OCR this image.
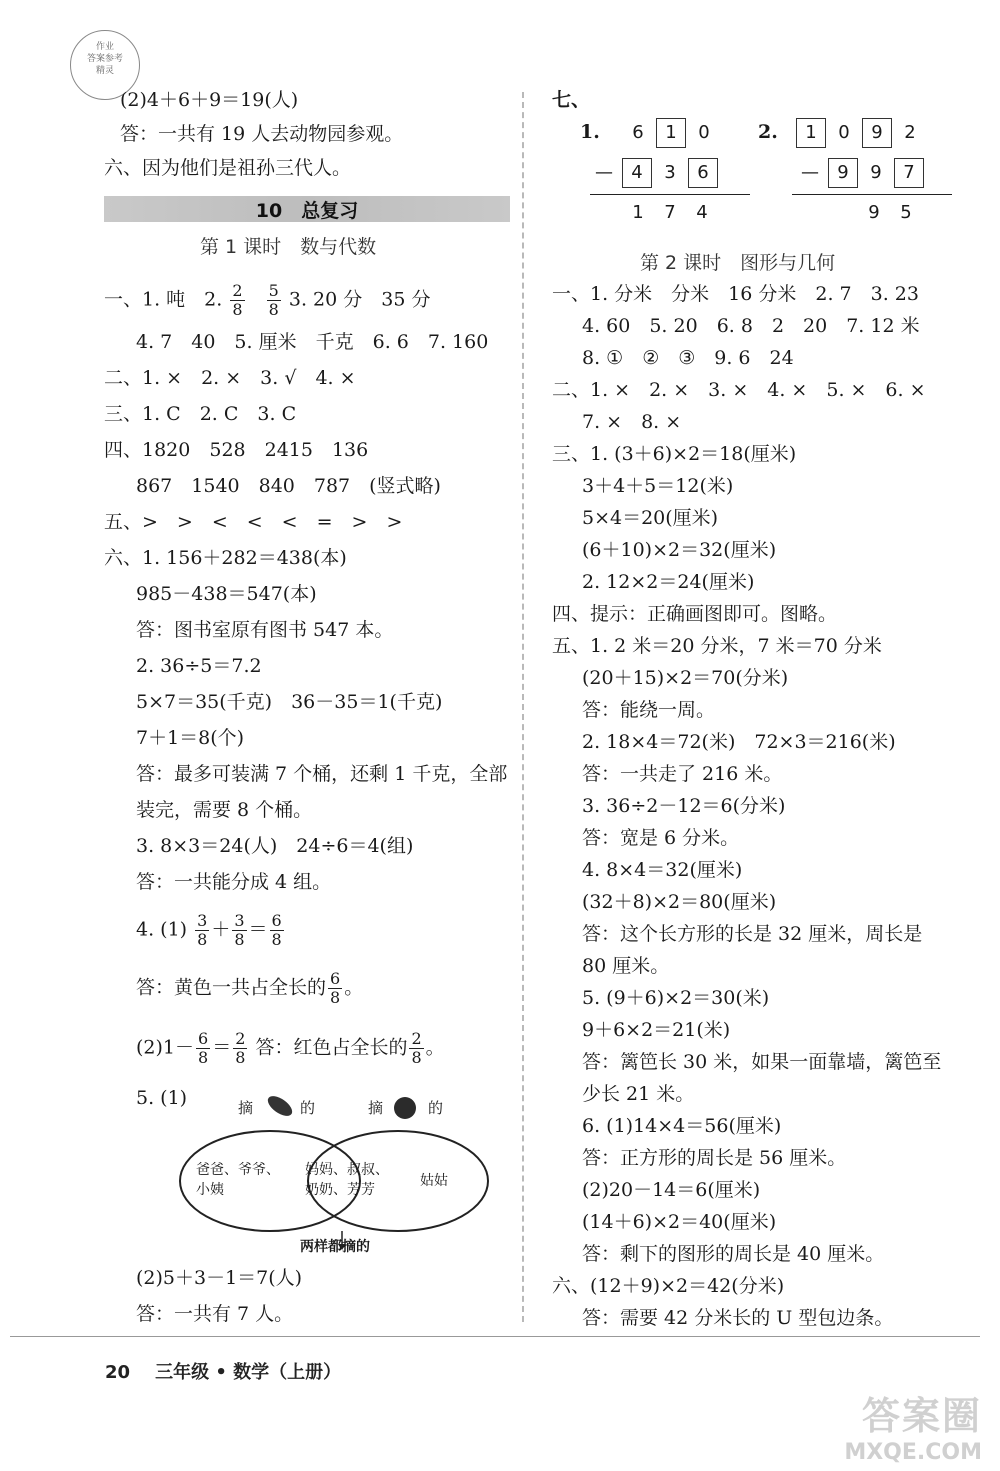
作业
答案参考
精灵
(2)4＋6＋9＝19(人)
答：一共有 19 人去动物园参观。
六、因为他们是祖孙三代人。
10　总复习
第 1 课时　数与代数
一、1. 吨　2. $\frac{2}{8}$
$\frac{5}{8} 3$. 20 分　35 分
4. 7　40　5. 厘米　千克　6. 6　7. 160
二、1. ×　2. ×　3. √　4. ×
三、1. C　2. C　3. C
四、1820　528　2415　136
867　1540　840　787　(竖式略)
五、>　>　<　<　<　=　>　>
六、1. 156＋282＝438(本)
985－438＝547(本)
答：图书室原有图书 547 本。
2. 36÷5＝7.2
5×7＝35(千克)　36－35＝1(千克)
7＋1＝8(个)
答：最多可装满 7 个桶，还剩 1 千克，全部
装完，需要 8 个桶。
3. 8×3＝24(人)　24÷6＝4(组)
答：一共能分成 4 组。
4. $(1) \frac{3}{8} + \frac{3}{8} = \frac{6}{8}$
答：黄色一共占全长的 $\frac{6}{8}$ 。
$(2)1- \frac{6}{8} = \frac{2}{8}$ 答：红色占全长的 $\frac{2}{8}$ 。
5. (1)	摘	的	摘	的
爸爸、爷爷、小姨
妈妈、叔叔、奶奶、芳芳
姑姑
两样都摘的
(2)5＋3－1＝7(人)
答：一共有 7 人。
七、
1.	6 1 0
— 4 3 6
1 7 4
2.	1 0 9 2
— 9 9 7
9 5
第 2 课时　图形与几何
一、1. 分米　分米　16 分米　2. 7　3. 23
4. 60　5. 20　6. 8　2　20　7. 12 米
8. ①　②　③　9. 6　24
二、1. ×　2. ×　3. ×　4. ×　5. ×　6. ×
7. ×　8. ×
三、1. (3＋6)×2＝18(厘米)
3＋4＋5＝12(米)
5×4＝20(厘米)
(6＋10)×2＝32(厘米)
2. 12×2＝24(厘米)
四、提示：正确画图即可。图略。
五、1. 2 米＝20 分米，7 米＝70 分米
(20＋15)×2＝70(分米)
答：能绕一周。
2. 18×4＝72(米)　72×3＝216(米)
答：一共走了 216 米。
3. 36÷2－12＝6(分米)
答：宽是 6 分米。
4. 8×4＝32(厘米)
(32＋8)×2＝80(厘米)
答：这个长方形的长是 32 厘米，周长是
80 厘米。
5. (9＋6)×2＝30(米)
9＋6×2＝21(米)
答：篱笆长 30 米，如果一面靠墙，篱笆至
少长 21 米。
6. (1)14×4＝56(厘米)
答：正方形的周长是 56 厘米。
(2)20－14＝6(厘米)
(14＋6)×2＝40(厘米)
答：剩下的图形的周长是 40 厘米。
六、(12＋9)×2＝42(分米)
答：需要 42 分米长的 U 型包边条。
20 三年级 • 数学（上册）
答案圈
MXQE.COM
